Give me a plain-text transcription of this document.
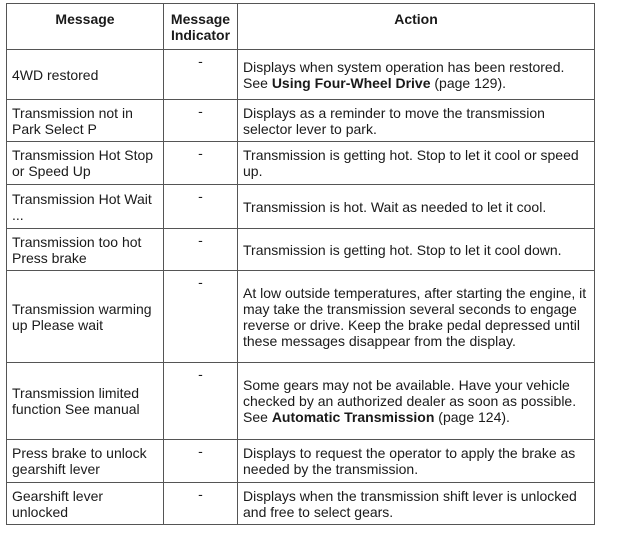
Message	Message Indicator	Action
4WD restored	-	Displays when system operation has been restored. See Using Four-Wheel Drive (page 129).
Transmission not in Park Select P	-	Displays as a reminder to move the transmission selector lever to park.
Transmission Hot Stop or Speed Up	-	Transmission is getting hot. Stop to let it cool or speed up.
Transmission Hot Wait ...	-	Transmission is hot. Wait as needed to let it cool.
Transmission too hot Press brake	-	Transmission is getting hot. Stop to let it cool down.
Transmission warming up Please wait	-	At low outside temperatures, after starting the engine, it may take the transmission several seconds to engage reverse or drive. Keep the brake pedal depressed until these messages disappear from the display.
Transmission limited function See manual	-	Some gears may not be available. Have your vehicle checked by an authorized dealer as soon as possible. See Automatic Transmission (page 124).
Press brake to unlock gearshift lever	-	Displays to request the operator to apply the brake as needed by the transmission.
Gearshift lever unlocked	-	Displays when the transmission shift lever is unlocked and free to select gears.
